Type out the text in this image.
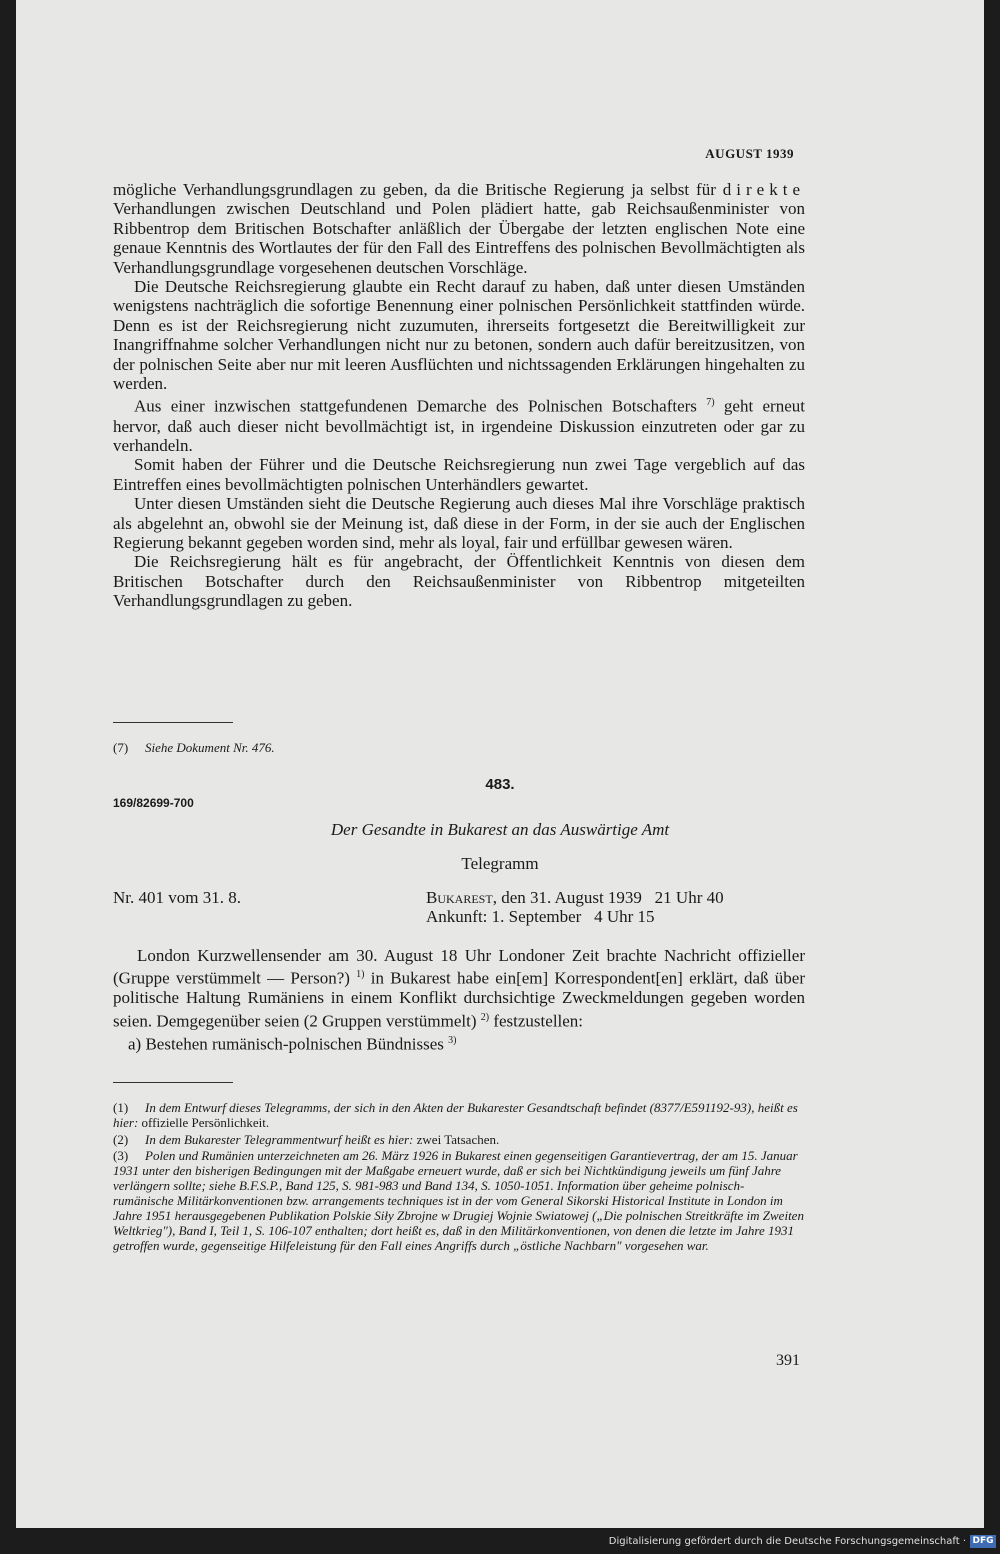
AUGUST 1939

mögliche Verhandlungsgrundlagen zu geben, da die Britische Regierung ja selbst für direkte Verhandlungen zwischen Deutschland und Polen plädiert hatte, gab Reichsaußenminister von Ribbentrop dem Britischen Botschafter anläßlich der Übergabe der letzten englischen Note eine genaue Kenntnis des Wortlautes der für den Fall des Eintreffens des polnischen Bevollmächtigten als Verhandlungsgrundlage vorgesehenen deutschen Vorschläge.

Die Deutsche Reichsregierung glaubte ein Recht darauf zu haben, daß unter diesen Umständen wenigstens nachträglich die sofortige Benennung einer polnischen Persönlichkeit stattfinden würde. Denn es ist der Reichsregierung nicht zuzumuten, ihrerseits fortgesetzt die Bereitwilligkeit zur Inangriffnahme solcher Verhandlungen nicht nur zu betonen, sondern auch dafür bereitzusitzen, von der polnischen Seite aber nur mit leeren Ausflüchten und nichtssagenden Erklärungen hingehalten zu werden.

Aus einer inzwischen stattgefundenen Demarche des Polnischen Botschafters $^{7)}$ geht erneut hervor, daß auch dieser nicht bevollmächtigt ist, in irgendeine Diskussion einzutreten oder gar zu verhandeln.

Somit haben der Führer und die Deutsche Reichsregierung nun zwei Tage vergeblich auf das Eintreffen eines bevollmächtigten polnischen Unterhändlers gewartet.

Unter diesen Umständen sieht die Deutsche Regierung auch dieses Mal ihre Vorschläge praktisch als abgelehnt an, obwohl sie der Meinung ist, daß diese in der Form, in der sie auch der Englischen Regierung bekannt gegeben worden sind, mehr als loyal, fair und erfüllbar gewesen wären.

Die Reichsregierung hält es für angebracht, der Öffentlichkeit Kenntnis von diesen dem Britischen Botschafter durch den Reichsaußenminister von Ribbentrop mitgeteilten Verhandlungsgrundlagen zu geben.

(7) Siehe Dokument Nr. 476.
483.
169/82699-700
Der Gesandte in Bukarest an das Auswärtige Amt
Telegramm
Nr. 401 vom 31. 8.	Bukarest, den 31. August 1939   21 Uhr 40
Ankunft: 1. September   4 Uhr 15

London Kurzwellensender am 30. August 18 Uhr Londoner Zeit brachte Nachricht offizieller (Gruppe verstümmelt — Person?) $^{1)}$ in Bukarest habe ein[em] Korrespondent[en] erklärt, daß über politische Haltung Rumäniens in einem Konflikt durchsichtige Zweckmeldungen gegeben worden seien. Demgegenüber seien (2 Gruppen verstümmelt) $^{2)}$ festzustellen:

a) Bestehen rumänisch-polnischen Bündnisses $^{3)}$

(1) In dem Entwurf dieses Telegramms, der sich in den Akten der Bukarester Gesandtschaft befindet (8377/E591192-93), heißt es hier: offizielle Persönlichkeit.
(2) In dem Bukarester Telegrammentwurf heißt es hier: zwei Tatsachen.
(3) Polen und Rumänien unterzeichneten am 26. März 1926 in Bukarest einen gegenseitigen Garantievertrag, der am 15. Januar 1931 unter den bisherigen Bedingungen mit der Maßgabe erneuert wurde, daß er sich bei Nichtkündigung jeweils um fünf Jahre verlängern sollte; siehe B.F.S.P., Band 125, S. 981-983 und Band 134, S. 1050-1051. Information über geheime polnisch-rumänische Militärkonventionen bzw. arrangements techniques ist in der vom General Sikorski Historical Institute in London im Jahre 1951 herausgegebenen Publikation Polskie Siły Zbrojne w Drugiej Wojnie Swiatowej („Die polnischen Streitkräfte im Zweiten Weltkrieg"), Band I, Teil 1, S. 106-107 enthalten; dort heißt es, daß in den Militärkonventionen, von denen die letzte im Jahre 1931 getroffen wurde, gegenseitige Hilfeleistung für den Fall eines Angriffs durch „östliche Nachbarn" vorgesehen war.
391
Digitalisierung gefördert durch die Deutsche Forschungsgemeinschaft · DFG
